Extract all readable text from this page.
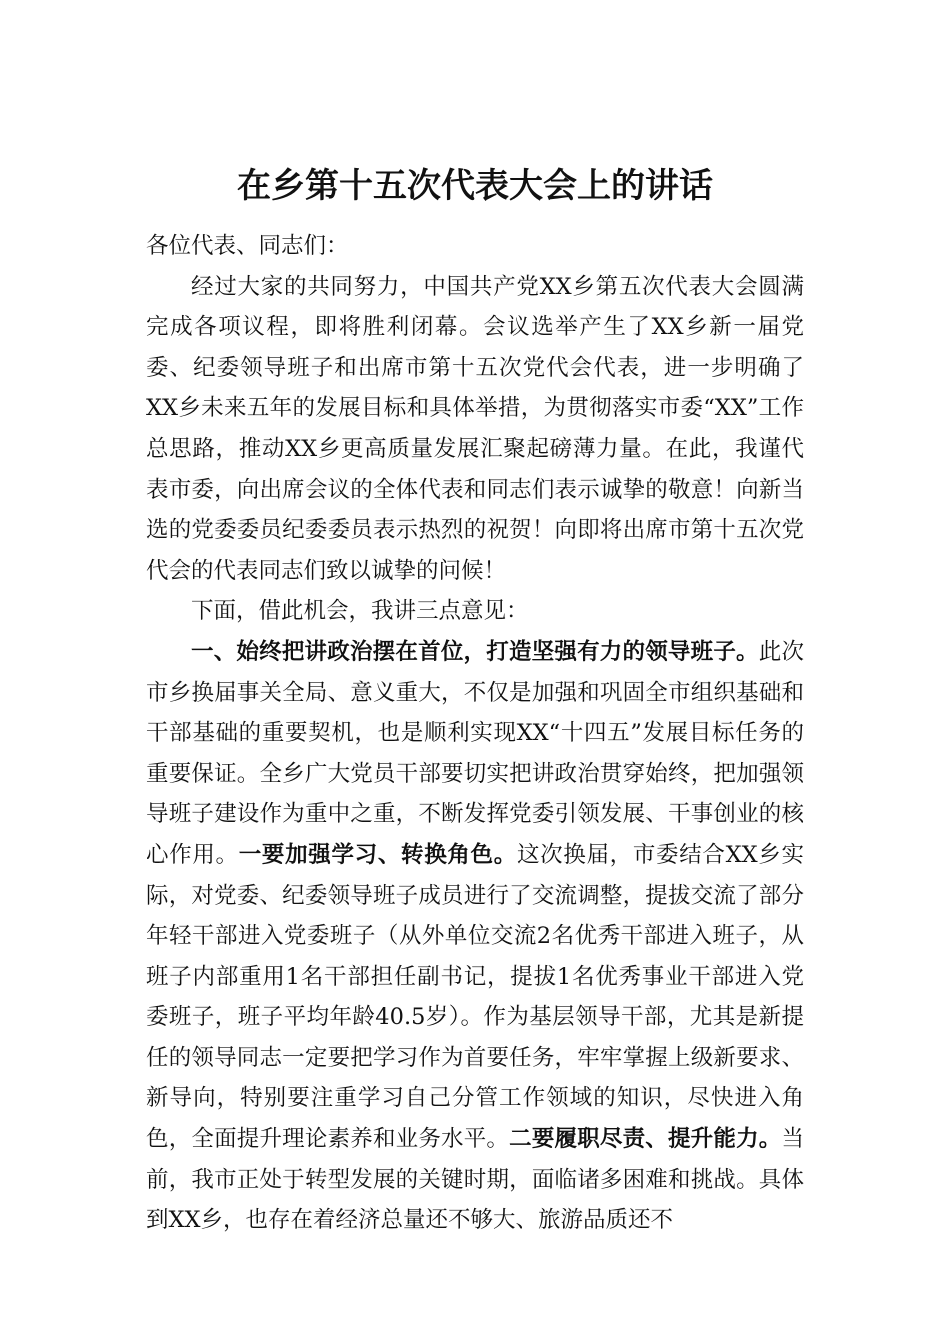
在乡第十五次代表大会上的讲话

各位代表、同志们：

经过大家的共同努力，中国共产党XX乡第五次代表大会圆满完成各项议程，即将胜利闭幕。会议选举产生了XX乡新一届党委、纪委领导班子和出席市第十五次党代会代表，进一步明确了XX乡未来五年的发展目标和具体举措，为贯彻落实市委“XX”工作总思路，推动XX乡更高质量发展汇聚起磅薄力量。在此，我谨代表市委，向出席会议的全体代表和同志们表示诚挚的敬意！向新当选的党委委员纪委委员表示热烈的祝贺！向即将出席市第十五次党代会的代表同志们致以诚挚的问候！

下面，借此机会，我讲三点意见：

一、始终把讲政治摆在首位，打造坚强有力的领导班子。此次市乡换届事关全局、意义重大，不仅是加强和巩固全市组织基础和干部基础的重要契机，也是顺利实现XX“十四五”发展目标任务的重要保证。全乡广大党员干部要切实把讲政治贯穿始终，把加强领导班子建设作为重中之重，不断发挥党委引领发展、干事创业的核心作用。一要加强学习、转换角色。这次换届，市委结合XX乡实际，对党委、纪委领导班子成员进行了交流调整，提拔交流了部分年轻干部进入党委班子（从外单位交流2名优秀干部进入班子，从班子内部重用1名干部担任副书记，提拔1名优秀事业干部进入党委班子，班子平均年龄40.5岁）。作为基层领导干部，尤其是新提任的领导同志一定要把学习作为首要任务，牢牢掌握上级新要求、新导向，特别要注重学习自己分管工作领域的知识，尽快进入角色，全面提升理论素养和业务水平。二要履职尽责、提升能力。当前，我市正处于转型发展的关键时期，面临诸多困难和挑战。具体到XX乡，也存在着经济总量还不够大、旅游品质还不
